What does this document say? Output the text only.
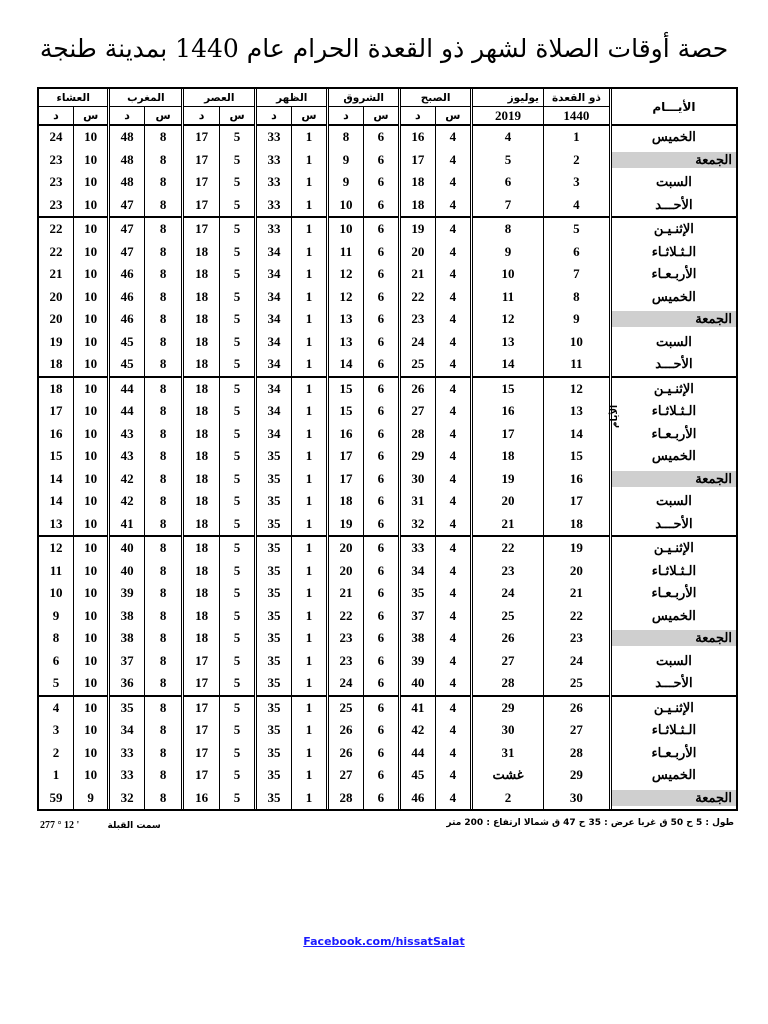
حصة أوقات الصلاة لشهر ذو القعدة الحرام عام 1440 بمدينة طنجة
العشاء		المغرب		العصر		الظهر		الشروق		الصبح		يوليوز	ذو القعدة	الأيـــام
د	س	د	س	د	س	د	س	د	س	د	س	2019	1440	
24	10	48	8	17	5	33	1	8	6	16	4	4	1	الخميس
23	10	48	8	17	5	33	1	9	6	17	4	5	2	الجمعة
23	10	48	8	17	5	33	1	9	6	18	4	6	3	السبت
23	10	47	8	17	5	33	1	10	6	18	4	7	4	الأحـــد
22	10	47	8	17	5	33	1	10	6	19	4	8	5	الإثنـيـن
22	10	47	8	18	5	34	1	11	6	20	4	9	6	الـثـلاثـاء
21	10	46	8	18	5	34	1	12	6	21	4	10	7	الأربـعـاء
20	10	46	8	18	5	34	1	12	6	22	4	11	8	الخميس
20	10	46	8	18	5	34	1	13	6	23	4	12	9	الجمعة
19	10	45	8	18	5	34	1	13	6	24	4	13	10	السبت
18	10	45	8	18	5	34	1	14	6	25	4	14	11	الأحـــد
18	10	44	8	18	5	34	1	15	6	26	4	15	12	الإثنـيـن
17	10	44	8	18	5	34	1	15	6	27	4	16	13	الـثـلاثـاء
16	10	43	8	18	5	34	1	16	6	28	4	17	14	الأربـعـاء
15	10	43	8	18	5	35	1	17	6	29	4	18	15	الخميس
14	10	42	8	18	5	35	1	17	6	30	4	19	16	الجمعة
14	10	42	8	18	5	35	1	18	6	31	4	20	17	السبت
13	10	41	8	18	5	35	1	19	6	32	4	21	18	الأحـــد
12	10	40	8	18	5	35	1	20	6	33	4	22	19	الإثنـيـن
11	10	40	8	18	5	35	1	20	6	34	4	23	20	الـثـلاثـاء
10	10	39	8	18	5	35	1	21	6	35	4	24	21	الأربـعـاء
9	10	38	8	18	5	35	1	22	6	37	4	25	22	الخميس
8	10	38	8	18	5	35	1	23	6	38	4	26	23	الجمعة
6	10	37	8	17	5	35	1	23	6	39	4	27	24	السبت
5	10	36	8	17	5	35	1	24	6	40	4	28	25	الأحـــد
4	10	35	8	17	5	35	1	25	6	41	4	29	26	الإثنـيـن
3	10	34	8	17	5	35	1	26	6	42	4	30	27	الـثـلاثـاء
2	10	33	8	17	5	35	1	26	6	44	4	31	28	الأربـعـاء
1	10	33	8	17	5	35	1	27	6	45	4	غشت	29	الخميس
59	9	32	8	16	5	35	1	28	6	46	4	2	30	الجمعة
الأيام
طول : 5 ح 50 ق غربا عرض : 35 ح 47 ق شمالا ارتفاع : 200 متر
277 ° 12 '	سمت القبلة
Facebook.com/hissatSalat
